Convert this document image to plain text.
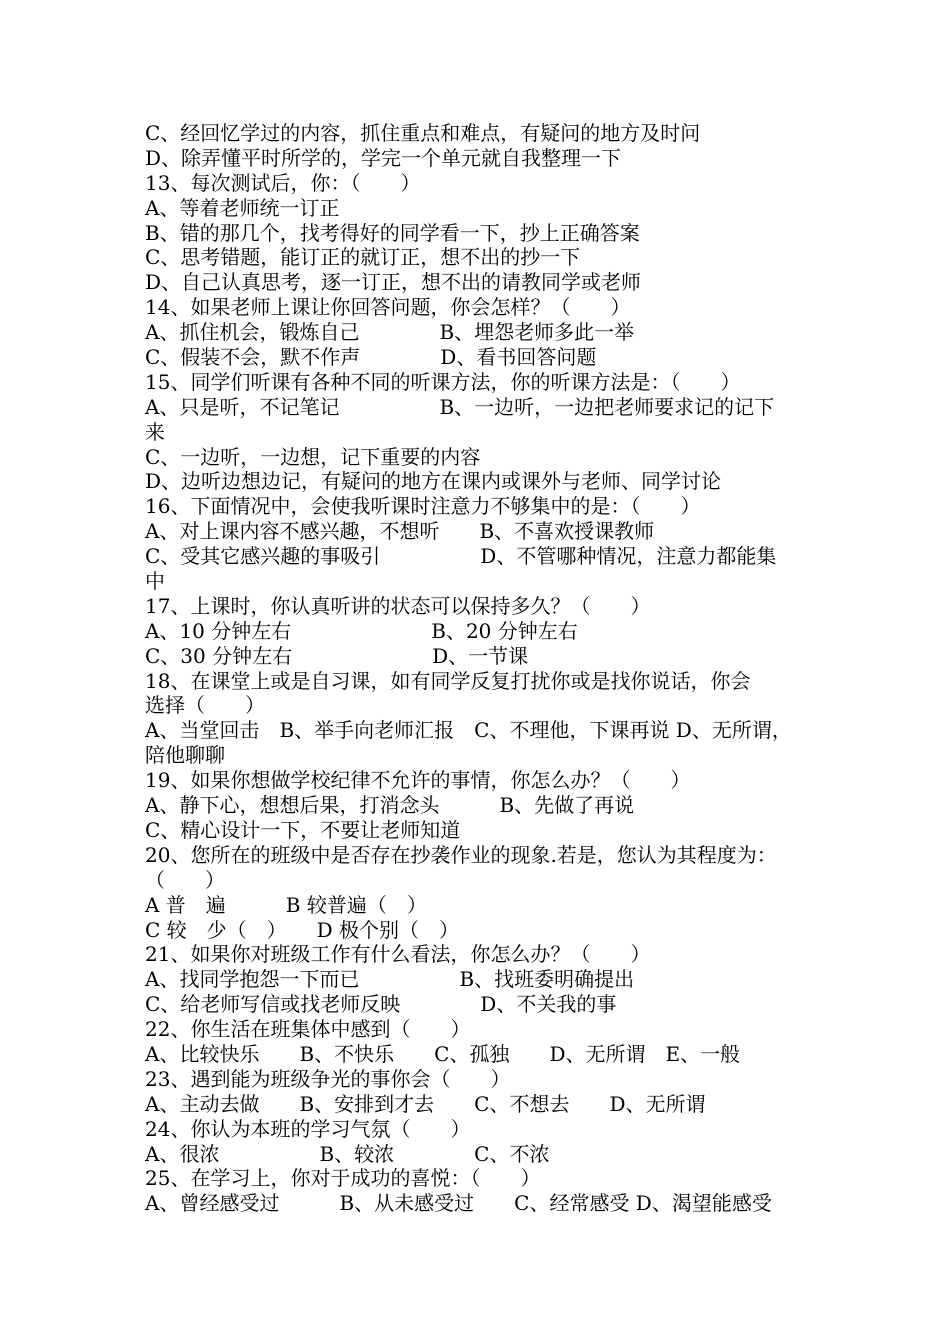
C、经回忆学过的内容，抓住重点和难点，有疑问的地方及时问
D、除弄懂平时所学的，学完一个单元就自我整理一下
13、每次测试后，你：（　　）
A、等着老师统一订正
B、错的那几个，找考得好的同学看一下，抄上正确答案
C、思考错题，能订正的就订正，想不出的抄一下
D、自己认真思考，逐一订正，想不出的请教同学或老师
14、如果老师上课让你回答问题，你会怎样？（　　）
A、抓住机会，锻炼自己　　　　B、埋怨老师多此一举
C、假装不会，默不作声　　　　D、看书回答问题
15、同学们听课有各种不同的听课方法，你的听课方法是：（　　）
A、只是听，不记笔记　　　　　B、一边听，一边把老师要求记的记下
来
C、一边听，一边想，记下重要的内容
D、边听边想边记，有疑问的地方在课内或课外与老师、同学讨论
16、下面情况中，会使我听课时注意力不够集中的是：（　　）
A、对上课内容不感兴趣，不想听　　B、不喜欢授课教师
C、受其它感兴趣的事吸引　　　　　D、不管哪种情况，注意力都能集
中
17、上课时，你认真听讲的状态可以保持多久？（　　）
A、10 分钟左右　　　　　　　B、20 分钟左右
C、30 分钟左右　　　　　　　D、一节课
18、在课堂上或是自习课，如有同学反复打扰你或是找你说话，你会
选择（　　）
A、当堂回击　B、举手向老师汇报　C、不理他，下课再说 D、无所谓，
陪他聊聊
19、如果你想做学校纪律不允许的事情，你怎么办？（　　）
A、静下心，想想后果，打消念头　　　B、先做了再说
C、精心设计一下，不要让老师知道
20、您所在的班级中是否存在抄袭作业的现象.若是，您认为其程度为：
（　　）
A 普　遍　　　B 较普遍（　）
C 较　少（　）　　D 极个别（　）
21、如果你对班级工作有什么看法，你怎么办？（　　）
A、找同学抱怨一下而已　　　　　B、找班委明确提出
C、给老师写信或找老师反映　　　　D、不关我的事
22、你生活在班集体中感到（　　）
A、比较快乐　　B、不快乐　　C、孤独　　D、无所谓　E、一般
23、遇到能为班级争光的事你会（　　）
A、主动去做　　B、安排到才去　　C、不想去　　D、无所谓
24、你认为本班的学习气氛（　　）
A、很浓　　　　　B、较浓　　　　C、不浓
25、在学习上，你对于成功的喜悦：（　　）
A、曾经感受过　　　B、从未感受过　　C、经常感受 D、渴望能感受
